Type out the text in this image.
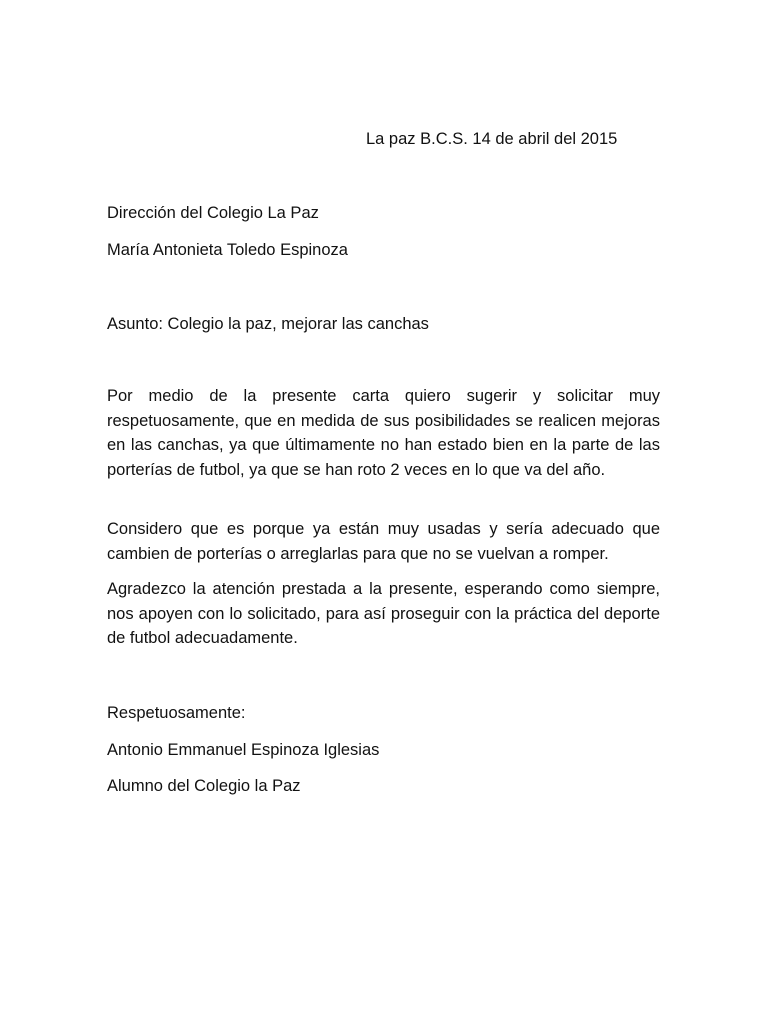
La paz B.C.S. 14 de abril del 2015
Dirección del Colegio La Paz
María Antonieta Toledo Espinoza
Asunto: Colegio la paz, mejorar las canchas
Por medio de la presente carta quiero sugerir y solicitar muy respetuosamente, que en medida de sus posibilidades se realicen mejoras en las canchas, ya que últimamente no han estado bien en la parte de las porterías de futbol, ya que se han roto 2 veces en lo que va del año.
Considero que es porque ya están muy usadas y sería adecuado que cambien de porterías o arreglarlas para que no se vuelvan a romper.
Agradezco la atención prestada a la presente, esperando como siempre, nos apoyen con lo solicitado, para así proseguir con la práctica del deporte de futbol adecuadamente.
Respetuosamente:
Antonio Emmanuel Espinoza Iglesias
Alumno del Colegio la Paz
